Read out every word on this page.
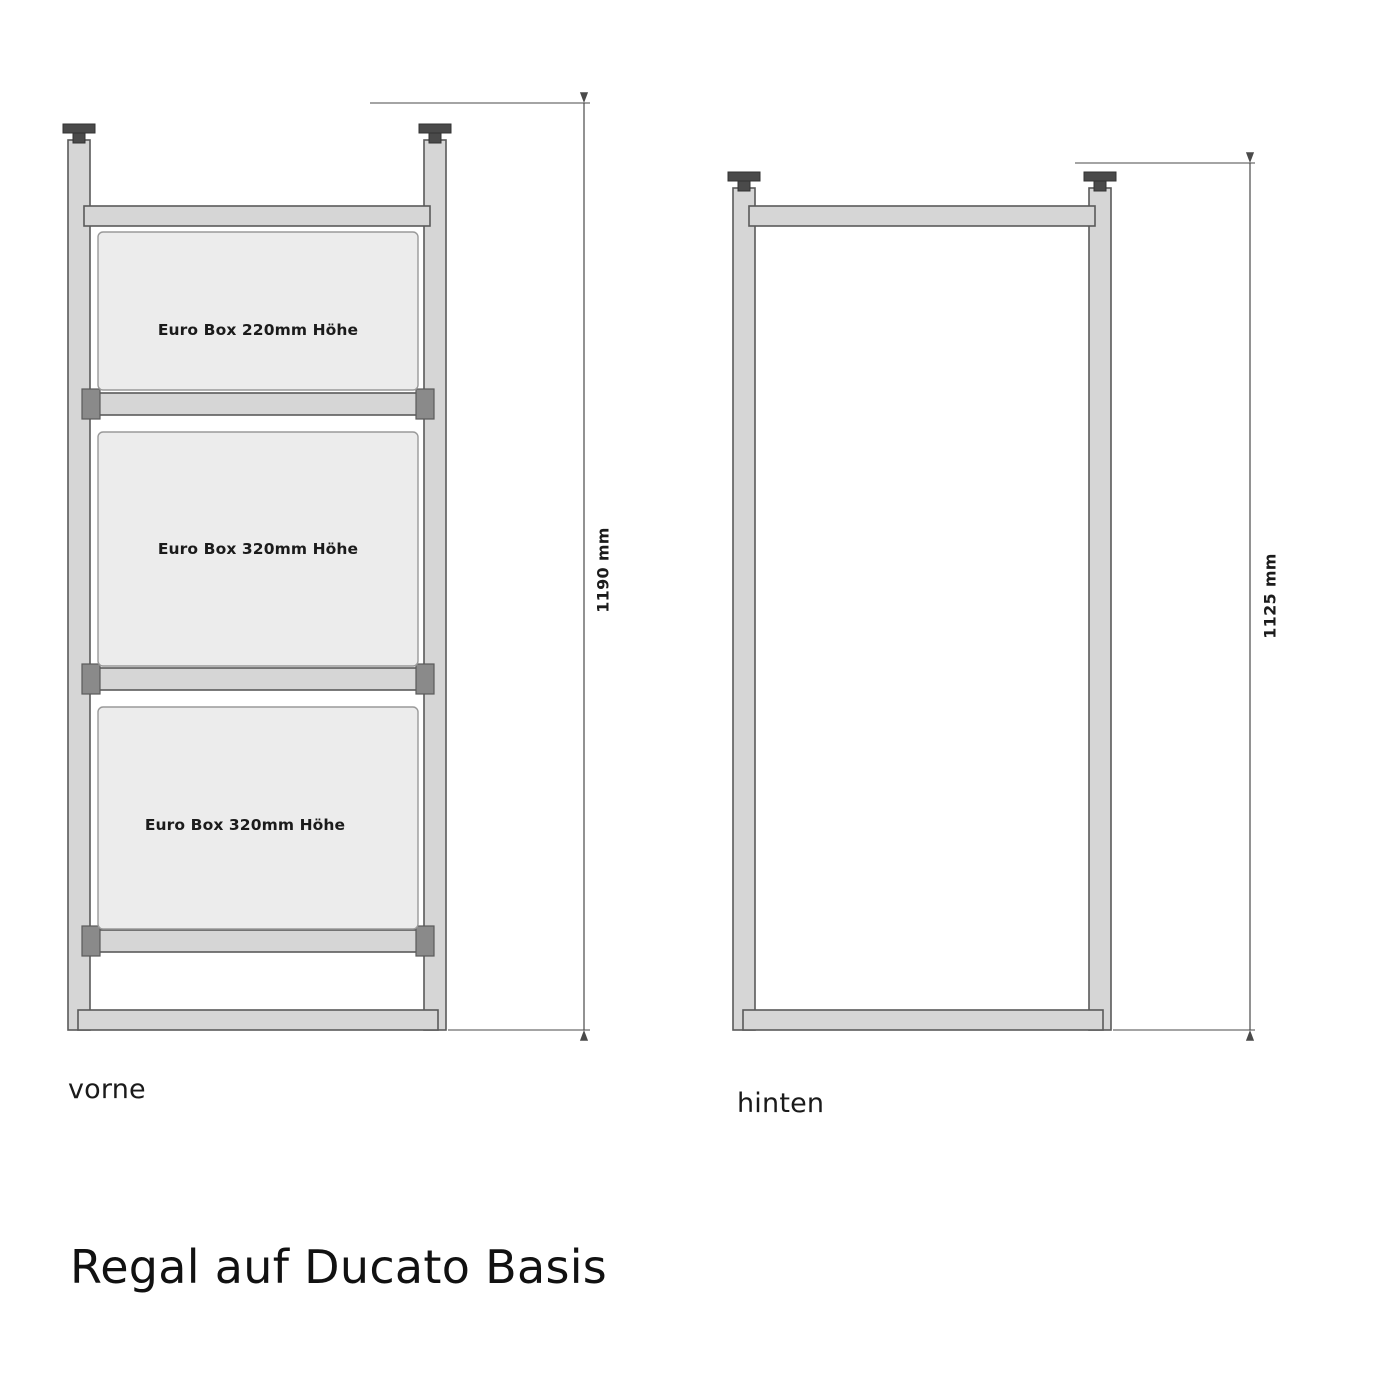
Euro Box 220mm Höhe
Euro Box 320mm Höhe
Euro Box 320mm Höhe
1190 mm	1125 mm
vorne	hinten
Regal auf Ducato Basis
